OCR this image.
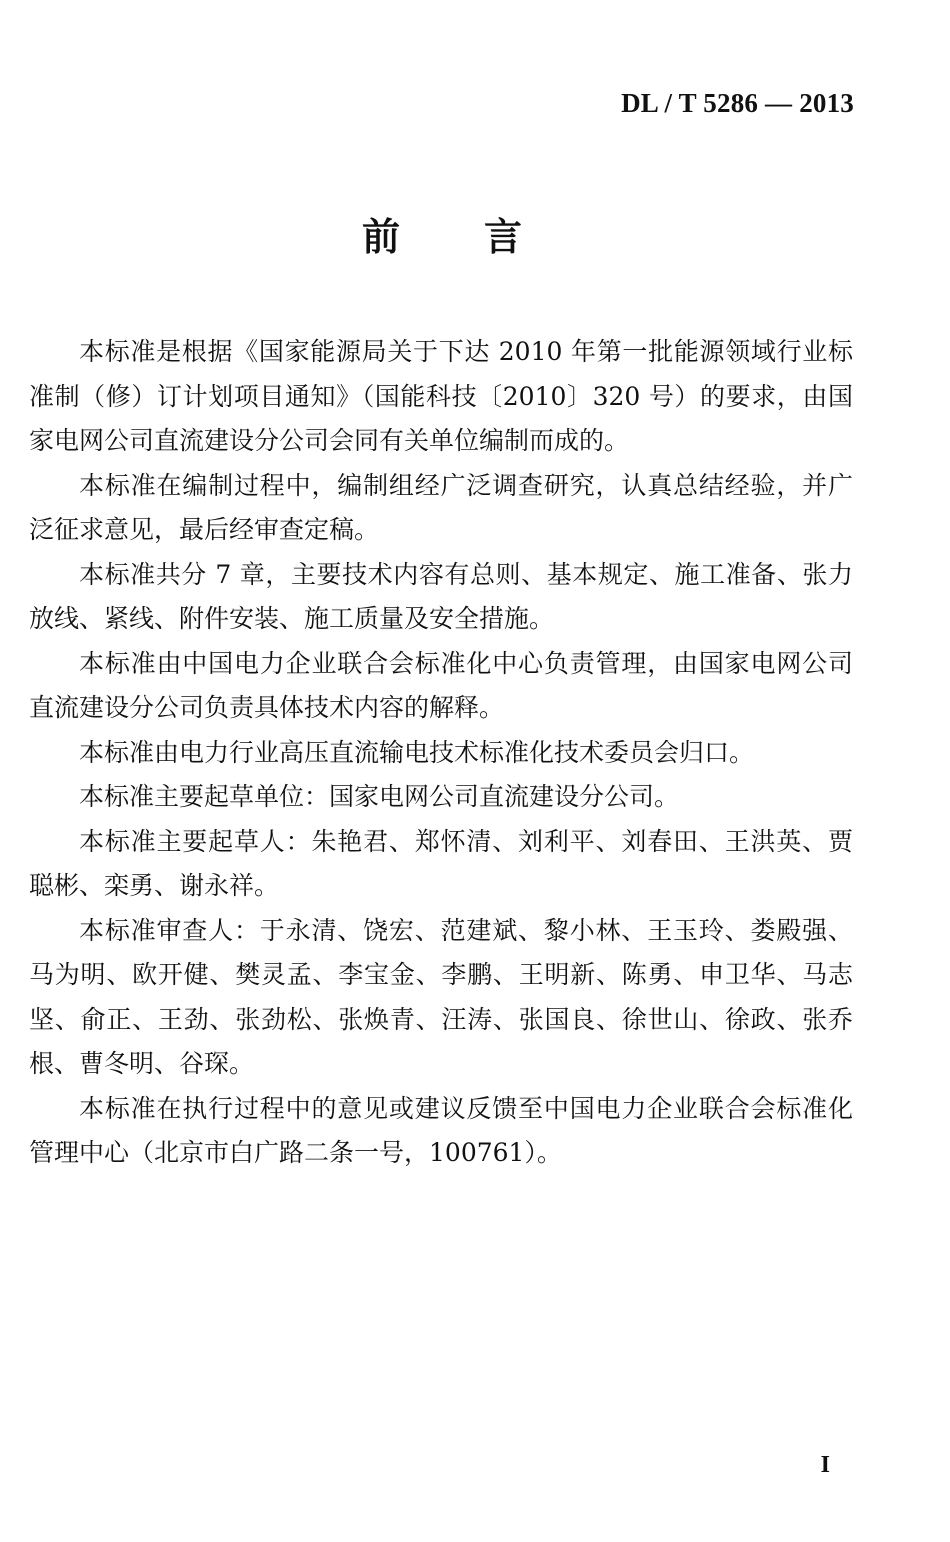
DL / T 5286 — 2013
前 言

本标准是根据《国家能源局关于下达 2010 年第一批能源领域行业标准制（修）订计划项目通知》（国能科技〔2010〕320 号）的要求，由国家电网公司直流建设分公司会同有关单位编制而成的。

本标准在编制过程中，编制组经广泛调查研究，认真总结经验，并广泛征求意见，最后经审查定稿。

本标准共分 7 章，主要技术内容有总则、基本规定、施工准备、张力放线、紧线、附件安装、施工质量及安全措施。

本标准由中国电力企业联合会标准化中心负责管理，由国家电网公司直流建设分公司负责具体技术内容的解释。

本标准由电力行业高压直流输电技术标准化技术委员会归口。

本标准主要起草单位：国家电网公司直流建设分公司。

本标准主要起草人：朱艳君、郑怀清、刘利平、刘春田、王洪英、贾聪彬、栾勇、谢永祥。

本标准审查人：于永清、饶宏、范建斌、黎小林、王玉玲、娄殿强、马为明、欧开健、樊灵孟、李宝金、李鹏、王明新、陈勇、申卫华、马志坚、俞正、王劲、张劲松、张焕青、汪涛、张国良、徐世山、徐政、张乔根、曹冬明、谷琛。

本标准在执行过程中的意见或建议反馈至中国电力企业联合会标准化管理中心（北京市白广路二条一号，100761）。

I
